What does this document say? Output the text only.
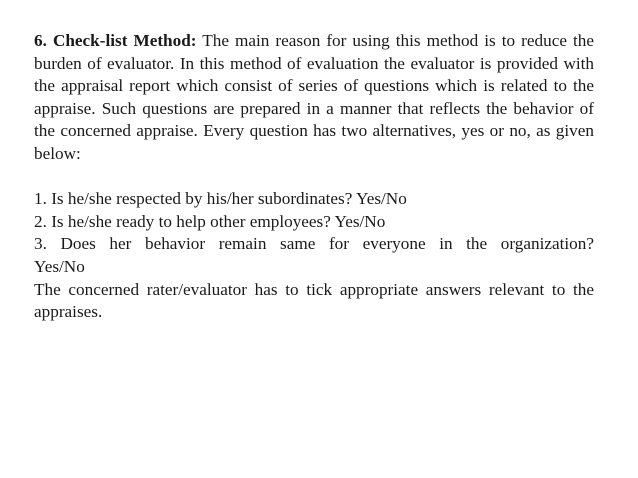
6. Check-list Method: The main reason for using this method is to reduce the burden of evaluator. In this method of evaluation the evaluator is provided with the appraisal report which consist of series of questions which is related to the appraise. Such questions are prepared in a manner that reflects the behavior of the concerned appraise. Every question has two alternatives, yes or no, as given below:

1. Is he/she respected by his/her subordinates? Yes/No

2. Is he/she ready to help other employees? Yes/No

3. Does her behavior remain same for everyone in the organization?

Yes/No

The concerned rater/evaluator has to tick appropriate answers relevant to the appraises.
